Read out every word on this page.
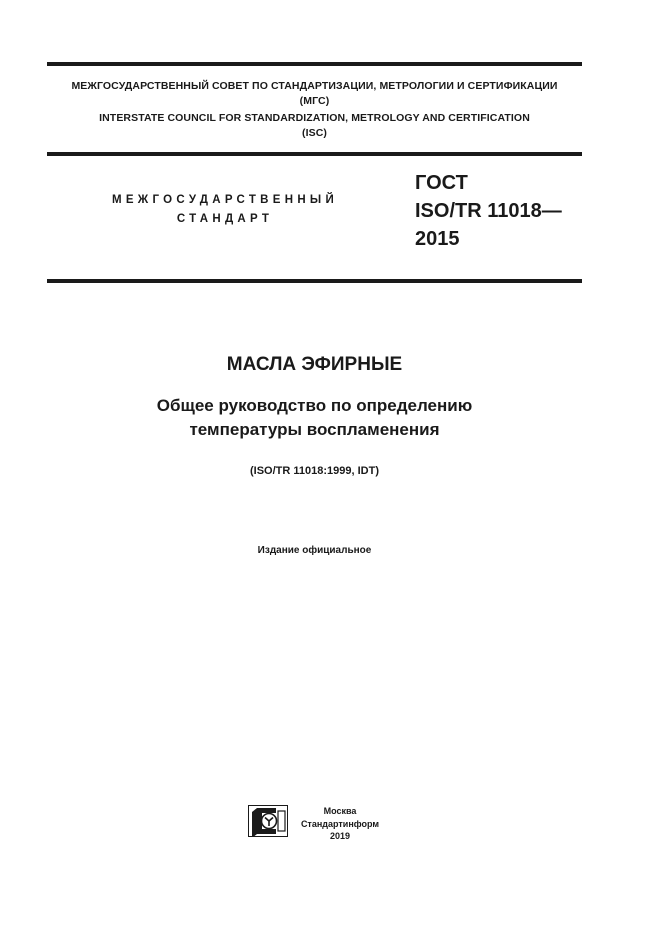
МЕЖГОСУДАРСТВЕННЫЙ СОВЕТ ПО СТАНДАРТИЗАЦИИ, МЕТРОЛОГИИ И СЕРТИФИКАЦИИ
(МГС)
INTERSTATE COUNCIL FOR STANDARDIZATION, METROLOGY AND CERTIFICATION
(ISC)
МЕЖГОСУДАРСТВЕННЫЙ
СТАНДАРТ
ГОСТ
ISO/TR 11018—
2015
МАСЛА ЭФИРНЫЕ
Общее руководство по определению
температуры воспламенения
(ISO/TR 11018:1999, IDT)
Издание официальное
Москва
Стандартинформ
2019
